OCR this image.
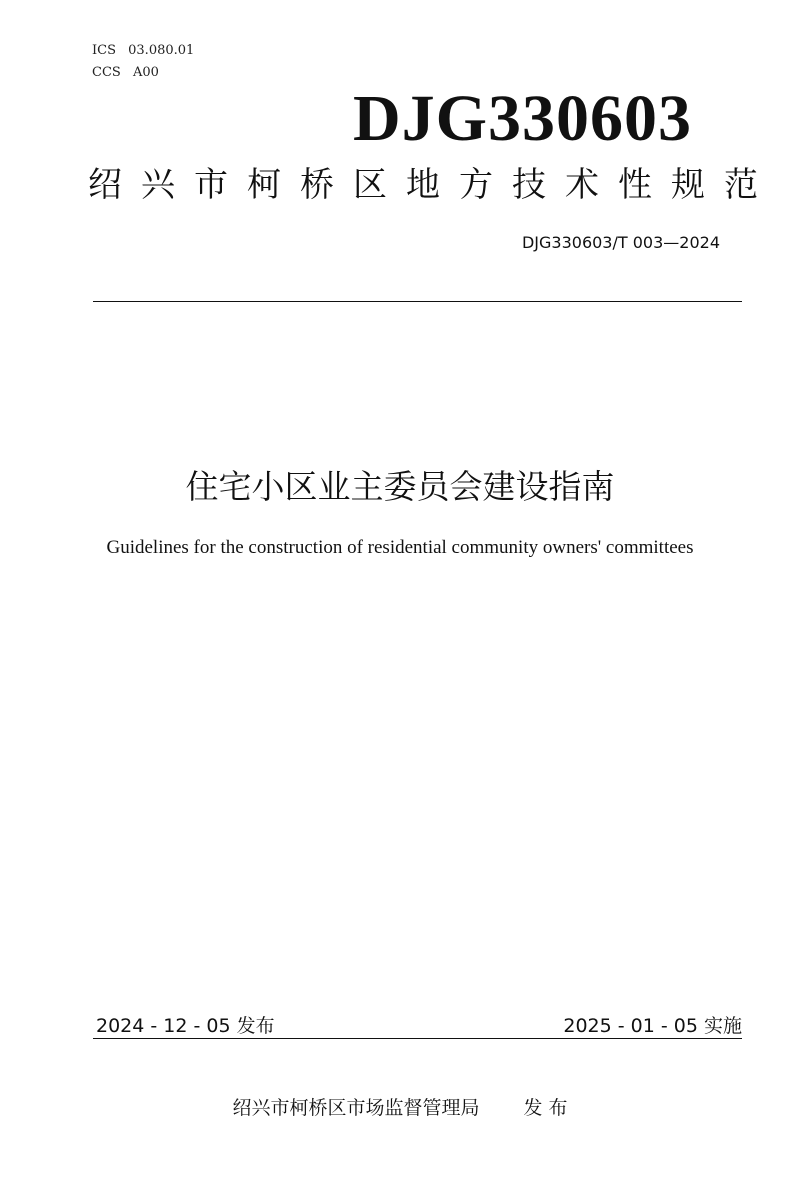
ICS 03.080.01
CCS A00
DJG330603
绍兴市柯桥区地方技术性规范
DJG330603/T 003—2024
住宅小区业主委员会建设指南
Guidelines for the construction of residential community owners' committees
2024 - 12 - 05 发布	2025 - 01 - 05 实施
绍兴市柯桥区市场监督管理局 发 布
